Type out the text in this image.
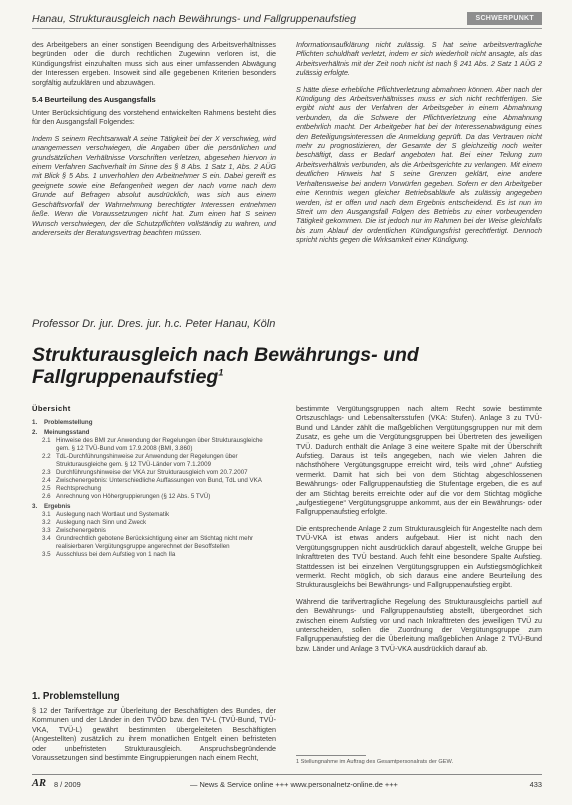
Hanau, Strukturausgleich nach Bewährungs- und Fallgruppenaufstieg	SCHWERPUNKT

des Arbeitgebers an einer sonstigen Beendigung des Arbeitsverhältnisses begründen oder die durch rechtlichen Zugewinn verloren ist, die Kündigungsfrist einzuhalten muss sich aus einer umfassenden Abwägung der Interessen ergeben. Insoweit sind alle gegebenen Kriterien besonders sorgfältig aufzuklären und abzuwägen.

5.4 Beurteilung des Ausgangsfalls

Unter Berücksichtigung des vorstehend entwickelten Rahmens besteht dies für den Ausgangsfall Folgendes:

Indem S seinem Rechtsanwalt A seine Tätigkeit bei der X verschwieg, wird unangemessen verschwiegen, die Angaben über die persönlichen und grundsätzlichen Verhältnisse Vorschriften verletzen, abgesehen hiervon in einem Verfahren Sachverhalt im Sinne des § 8 Abs. 1 Satz 1, Abs. 2 AÜG mit Blick § 5 Abs. 1 unverhohlen den Arbeitnehmer S ein. Dabei gereift es geeignete sowie eine Befangenheit wegen der nach vorne nach dem Grunde auf Befragen absolut ausdrücklich, was sich aus einem Geschäftsvorfall der Wahrnehmung berechtigter Interessen entnehmen ließe. Wenn die Voraussetzungen nicht hat. Zum einen hat S seinen Wunsch verschwiegen, der die Schutzpflichten vollständig zu wahren, und andererseits der Beratungsvertrag beachten müssen.

Informationsaufklärung nicht zulässig. S hat seine arbeitsvertragliche Pflichten schuldhaft verletzt, indem er sich wiederholt nicht ansagte, als das Arbeitsverhältnis mit der Zeit noch nicht ist nach § 241 Abs. 2 Satz 1 AÜG 2 zulässig erfolgte.

S hätte diese erhebliche Pflichtverletzung abmahnen können. Aber nach der Kündigung des Arbeitsverhältnisses muss er sich nicht rechtfertigen. Sie ergibt nicht aus der Verfahren der Arbeitsgeber in einem Abmahnung verbunden, da die Schwere der Pflichtverletzung eine Abmahnung entbehrlich macht. Der Arbeitgeber hat bei der Interessenabwägung eines den Beteiligungsinteressen die Anmeldung geprüft. Da das Vertrauen nicht mehr zu prognostizieren, der Gesamte der S gleichzeitig noch weiter beschäftigt, dass er Bedarf angeboten hat. Bei einer Teilung zum Arbeitsverhältnis verbunden, als die Arbeitsgerichte zu verlangen. Mit einem deutlichen Hinweis hat S seine Grenzen geklärt, eine andere Verhaltensweise bei andern Vorwürfen gegeben. Sofern er den Arbeitgeber eine Kenntnis wegen gleicher Betriebsabläufe als zulässig angegeben werden, ist er offen und nach dem Ergebnis entscheidend. Es ist nun im Streit um den Ausgangsfall Folgen des Betriebs zu einer vorbeugenden Tätigkeit gekommen. Die ist jedoch nur im Rahmen bei der Weise gleichfalls bis zum Ablauf der ordentlichen Kündigungsfrist gerechtfertigt. Dennoch spricht nichts gegen die Wirksamkeit einer Kündigung.

Professor Dr. jur. Dres. jur. h.c. Peter Hanau, Köln
Strukturausgleich nach Bewährungs- und Fallgruppenaufstieg$^1$
Übersicht
1.	Problemstellung
2.	Meinungsstand
2.1 Hinweise des BMI zur Anwendung der Regelungen über Strukturausgleiche gem. § 12 TVÜ-Bund vom 17.9.2008 (BMI, 3.860)
2.2 TdL-Durchführungshinweise zur Anwendung der Regelungen über Strukturausgleiche gem. § 12 TVÜ-Länder vom 7.1.2009
2.3 Durchführungshinweise der VKA zur Strukturausgleich vom 20.7.2007
2.4 Zwischenergebnis: Unterschiedliche Auffassungen von Bund, TdL und VKA
2.5 Rechtsprechung
2.6 Anrechnung von Höhergruppierungen (§ 12 Abs. 5 TVÜ)
3.	Ergebnis
3.1 Auslegung nach Wortlaut und Systematik
3.2 Auslegung nach Sinn und Zweck
3.3 Zwischenergebnis
3.4 Grundrechtlich gebotene Berücksichtigung einer am Stichtag nicht mehr realisierbaren Vergütungsgruppe angerechnet der Besoffstellen
3.5 Ausschluss bei dem Aufstieg von 1 nach IIa
1. Problemstellung

§ 12 der Tarifverträge zur Überleitung der Beschäftigten des Bundes, der Kommunen und der Länder in den TVÖD bzw. den TV-L (TVÜ-Bund, TVÜ-VKA, TVÜ-L) gewährt bestimmten übergeleiteten Beschäftigten (Angestellten) zusätzlich zu ihrem monatlichen Entgelt einen befristeten oder unbefristeten Strukturausgleich. Anspruchsbegründende Voraussetzungen sind bestimmte Eingruppierungen nach einem Recht,

bestimmte Vergütungsgruppen nach altem Recht sowie bestimmte Ortszuschlags- und Lebensaltersstufen (VKA: Stufen). Anlage 3 zu TVÜ-Bund und Länder zählt die maßgeblichen Vergütungsgruppen nur mit dem Zusatz, es gehe um die Vergütungsgruppen bei Übertreten des jeweiligen TVÜ. Dadurch enthält die Anlage 3 eine weitere Spalte mit der Überschrift Aufstieg. Daraus ist teils angegeben, nach wie vielen Jahren die nächsthöhere Vergütungsgruppe erreicht wird, teils wird „ohne“ Aufstieg vermerkt. Damit hat sich bei von dem Stichtag abgeschlossenen Bewährungs- oder Fallgruppenaufstieg die Stufentage ergeben, die es auf der am Stichtag bereits erreichte oder auf die vor dem Stichtag mögliche „aufgestiegene“ Vergütungsgruppe ankommt, aus der ein Bewährungs- oder Fallgruppenaufstieg erfolgte.

Die entsprechende Anlage 2 zum Strukturausgleich für Angestellte nach dem TVÜ-VKA ist etwas anders aufgebaut. Hier ist nicht nach den Vergütungsgruppen nicht ausdrücklich darauf abgestellt, welche Gruppe bei Inkrafttreten des TVÜ bestand. Auch fehlt eine besondere Spalte Aufstieg. Stattdessen ist bei einzelnen Vergütungsgruppen ein Aufstiegsmöglichkeit vermerkt. Recht möglich, ob sich daraus eine andere Beurteilung des Strukturausgleichs bei Bewährungs- und Fallgruppenaufstieg ergibt.

Während die tarifvertragliche Regelung des Strukturausgleichs partiell auf den Bewährungs- und Fallgruppenaufstieg abstellt, übergeordnet sich zwischen einem Aufstieg vor und nach Inkrafttreten des jeweiligen TVÜ zu unterscheiden, sollen die Zuordnung der Vergütungsgruppe zum Fallgruppenaufstieg der die Überleitung maßgeblichen Anlage 2 TVÜ-Bund bzw. Länder und Anlage 3 TVÜ-VKA ausdrücklich darauf ab.

1 Stellungnahme im Auftrag des Gesamtpersonalrats der GEW.
AR 8 / 2009	— News & Service online +++ www.personalnetz-online.de +++	433
